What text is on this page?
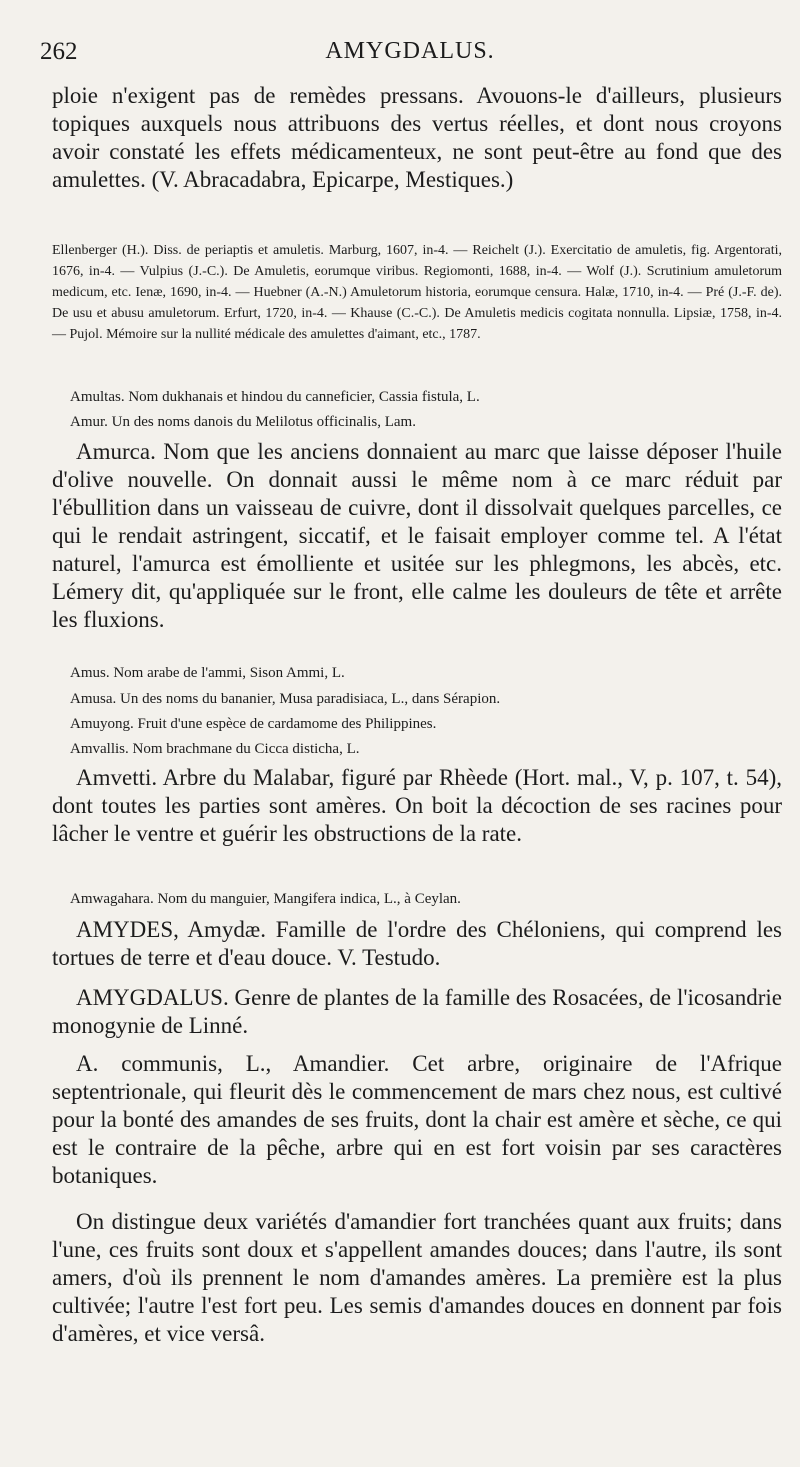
262	AMYGDALUS.

ploie n'exigent pas de remèdes pressans. Avouons-le d'ailleurs, plusieurs topiques auxquels nous attribuons des vertus réelles, et dont nous croyons avoir constaté les effets médicamenteux, ne sont peut-être au fond que des amulettes. (V. Abracadabra, Epicarpe, Mestiques.)

Ellenberger (H.). Diss. de periaptis et amuletis. Marburg, 1607, in-4. — Reichelt (J.). Exercitatio de amuletis, fig. Argentorati, 1676, in-4. — Vulpius (J.-C.). De Amuletis, eorumque viribus. Regiomonti, 1688, in-4. — Wolf (J.). Scrutinium amuletorum medicum, etc. Ienæ, 1690, in-4. — Huebner (A.-N.) Amuletorum historia, eorumque censura. Halæ, 1710, in-4. — Pré (J.-F. de). De usu et abusu amuletorum. Erfurt, 1720, in-4. — Khause (C.-C.). De Amuletis medicis cogitata nonnulla. Lipsiæ, 1758, in-4. — Pujol. Mémoire sur la nullité médicale des amulettes d'aimant, etc., 1787.

Amultas. Nom dukhanais et hindou du canneficier, Cassia fistula, L.

Amur. Un des noms danois du Melilotus officinalis, Lam.

Amurca. Nom que les anciens donnaient au marc que laisse déposer l'huile d'olive nouvelle. On donnait aussi le même nom à ce marc réduit par l'ébullition dans un vaisseau de cuivre, dont il dissolvait quelques parcelles, ce qui le rendait astringent, siccatif, et le faisait employer comme tel. A l'état naturel, l'amurca est émolliente et usitée sur les phlegmons, les abcès, etc. Lémery dit, qu'appliquée sur le front, elle calme les douleurs de tête et arrête les fluxions.

Amus. Nom arabe de l'ammi, Sison Ammi, L.

Amusa. Un des noms du bananier, Musa paradisiaca, L., dans Sérapion.

Amuyong. Fruit d'une espèce de cardamome des Philippines.

Amvallis. Nom brachmane du Cicca disticha, L.

Amvetti. Arbre du Malabar, figuré par Rhèede (Hort. mal., V, p. 107, t. 54), dont toutes les parties sont amères. On boit la décoction de ses racines pour lâcher le ventre et guérir les obstructions de la rate.

Amwagahara. Nom du manguier, Mangifera indica, L., à Ceylan.

AMYDES, Amydæ. Famille de l'ordre des Chéloniens, qui comprend les tortues de terre et d'eau douce. V. Testudo.

AMYGDALUS. Genre de plantes de la famille des Rosacées, de l'icosandrie monogynie de Linné.

A. communis, L., Amandier. Cet arbre, originaire de l'Afrique septentrionale, qui fleurit dès le commencement de mars chez nous, est cultivé pour la bonté des amandes de ses fruits, dont la chair est amère et sèche, ce qui est le contraire de la pêche, arbre qui en est fort voisin par ses caractères botaniques.

On distingue deux variétés d'amandier fort tranchées quant aux fruits; dans l'une, ces fruits sont doux et s'appellent amandes douces; dans l'autre, ils sont amers, d'où ils prennent le nom d'amandes amères. La première est la plus cultivée; l'autre l'est fort peu. Les semis d'amandes douces en donnent par fois d'amères, et vice versâ.
